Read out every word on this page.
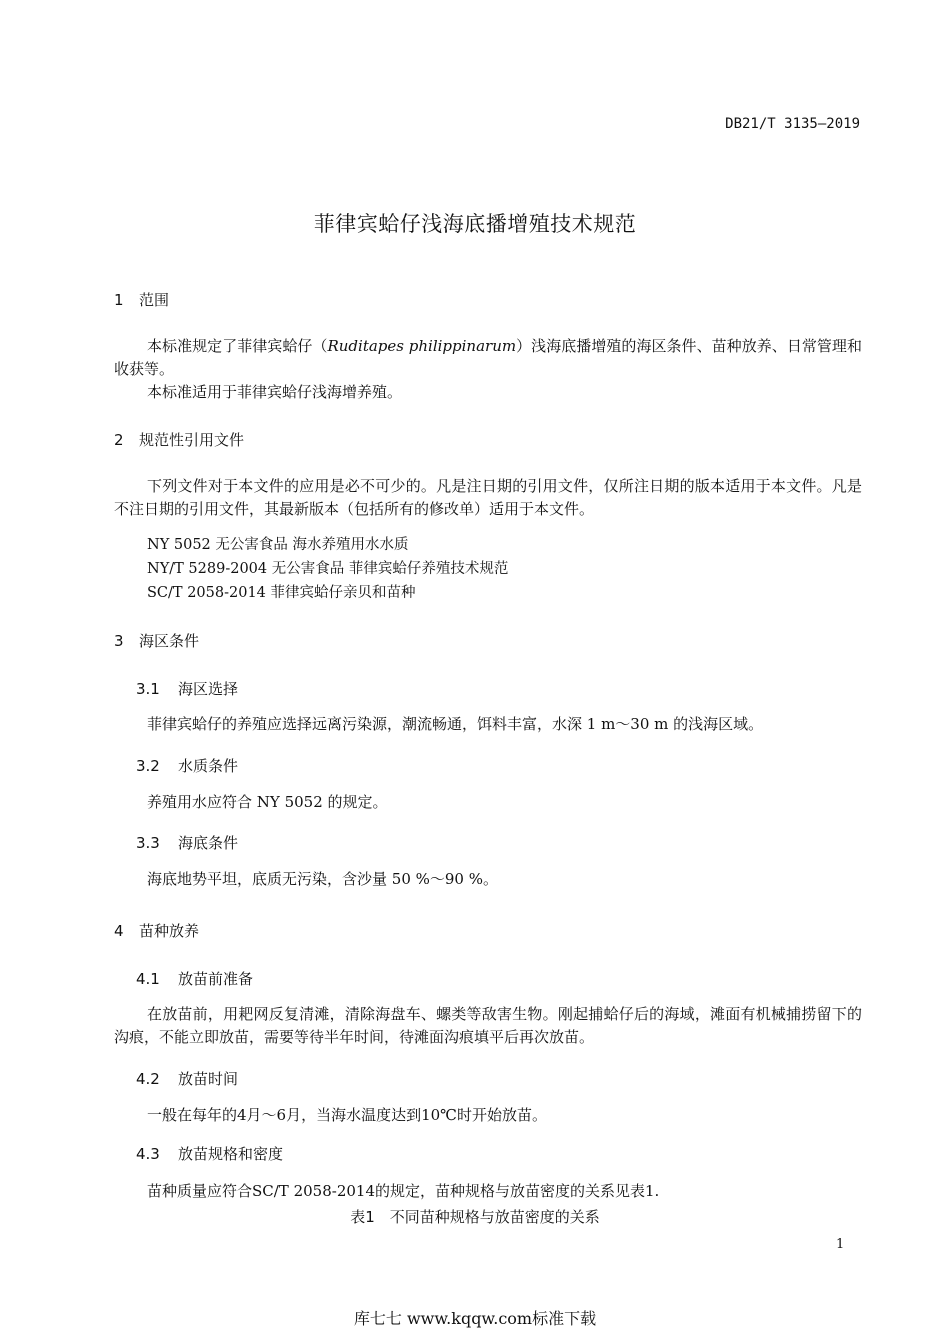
DB21/T 3135—2019
菲律宾蛤仔浅海底播增殖技术规范
1 范围
本标准规定了菲律宾蛤仔（Ruditapes philippinarum）浅海底播增殖的海区条件、苗种放养、日常管理和收获等。
本标准适用于菲律宾蛤仔浅海增养殖。
2 规范性引用文件
下列文件对于本文件的应用是必不可少的。凡是注日期的引用文件，仅所注日期的版本适用于本文件。凡是不注日期的引用文件，其最新版本（包括所有的修改单）适用于本文件。
NY 5052 无公害食品 海水养殖用水水质
NY/T 5289-2004 无公害食品 菲律宾蛤仔养殖技术规范
SC/T 2058-2014 菲律宾蛤仔亲贝和苗种
3 海区条件
3.1 海区选择
菲律宾蛤仔的养殖应选择远离污染源，潮流畅通，饵料丰富，水深 1 m～30 m 的浅海区域。
3.2 水质条件
养殖用水应符合 NY 5052 的规定。
3.3 海底条件
海底地势平坦，底质无污染，含沙量 50 %～90 %。
4 苗种放养
4.1 放苗前准备
在放苗前，用耙网反复清滩，清除海盘车、螺类等敌害生物。刚起捕蛤仔后的海域，滩面有机械捕捞留下的沟痕，不能立即放苗，需要等待半年时间，待滩面沟痕填平后再次放苗。
4.2 放苗时间
一般在每年的4月～6月，当海水温度达到10℃时开始放苗。
4.3 放苗规格和密度
苗种质量应符合SC/T 2058-2014的规定，苗种规格与放苗密度的关系见表1.
表1　不同苗种规格与放苗密度的关系
1
库七七 www.kqqw.com标准下载
